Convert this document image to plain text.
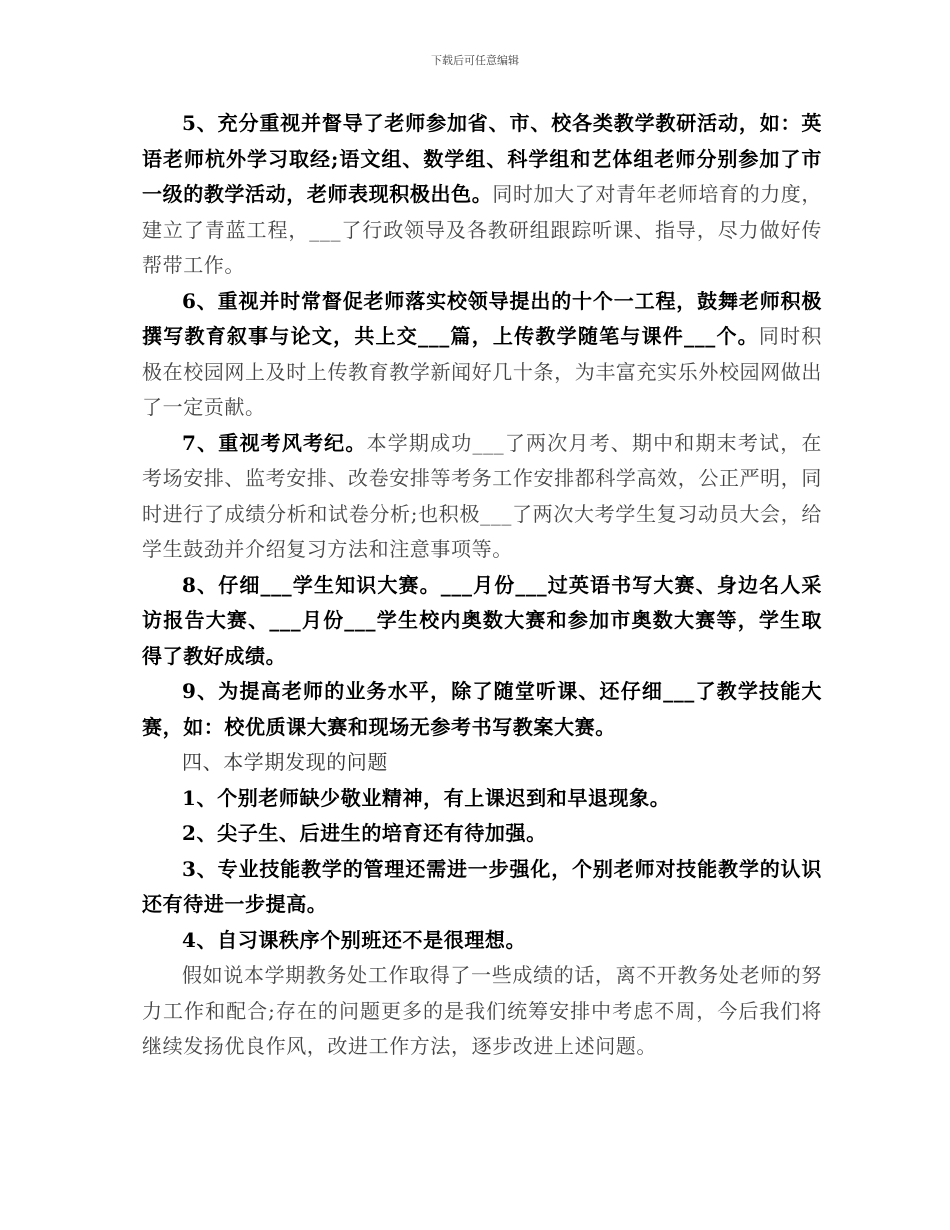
下载后可任意编辑

5、充分重视并督导了老师参加省、市、校各类教学教研活动，如：英语老师杭外学习取经;语文组、数学组、科学组和艺体组老师分别参加了市一级的教学活动，老师表现积极出色。同时加大了对青年老师培育的力度，建立了青蓝工程，___了行政领导及各教研组跟踪听课、指导，尽力做好传帮带工作。

6、重视并时常督促老师落实校领导提出的十个一工程，鼓舞老师积极撰写教育叙事与论文，共上交___篇，上传教学随笔与课件___个。同时积极在校园网上及时上传教育教学新闻好几十条，为丰富充实乐外校园网做出了一定贡献。

7、重视考风考纪。本学期成功___了两次月考、期中和期末考试，在考场安排、监考安排、改卷安排等考务工作安排都科学高效，公正严明，同时进行了成绩分析和试卷分析;也积极___了两次大考学生复习动员大会，给学生鼓劲并介绍复习方法和注意事项等。

8、仔细___学生知识大赛。___月份___过英语书写大赛、身边名人采访报告大赛、___月份___学生校内奥数大赛和参加市奥数大赛等，学生取得了教好成绩。

9、为提高老师的业务水平，除了随堂听课、还仔细___了教学技能大赛，如：校优质课大赛和现场无参考书写教案大赛。

四、本学期发现的问题

1、个别老师缺少敬业精神，有上课迟到和早退现象。

2、尖子生、后进生的培育还有待加强。

3、专业技能教学的管理还需进一步强化，个别老师对技能教学的认识还有待进一步提高。

4、自习课秩序个别班还不是很理想。

假如说本学期教务处工作取得了一些成绩的话，离不开教务处老师的努力工作和配合;存在的问题更多的是我们统筹安排中考虑不周，今后我们将继续发扬优良作风，改进工作方法，逐步改进上述问题。
